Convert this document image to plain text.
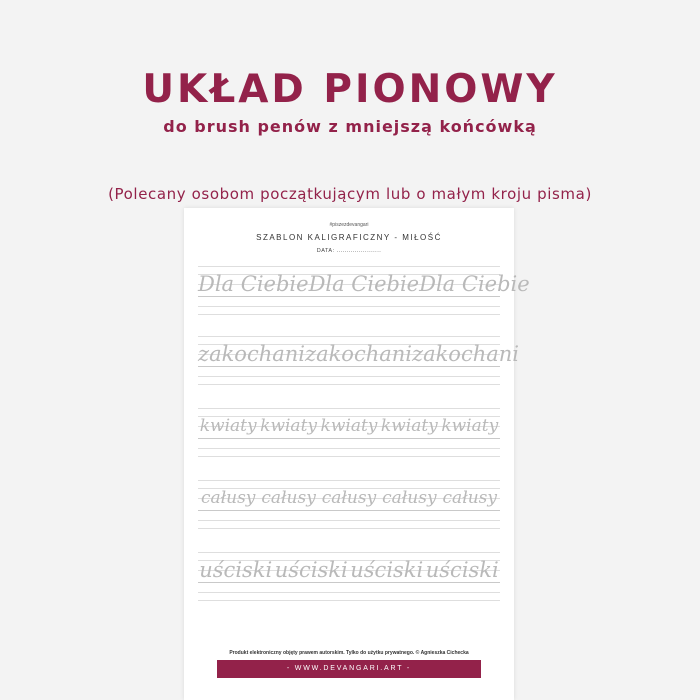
UKŁAD PIONOWY
do brush penów z mniejszą końcówką
(Polecany osobom początkującym lub o małym kroju pisma)
#piszezdevangari
SZABLON KALIGRAFICZNY - MIŁOŚĆ
DATA: ......................
Dla Ciebie Dla Ciebie Dla Ciebie
zakochani zakochani zakochani
kwiaty kwiaty kwiaty kwiaty kwiaty
całusy całusy całusy całusy całusy
uściski uściski uściski uściski
Produkt elektroniczny objęty prawem autorskim. Tylko do użytku prywatnego. © Agnieszka Cichecka
- WWW.DEVANGARI.ART -
